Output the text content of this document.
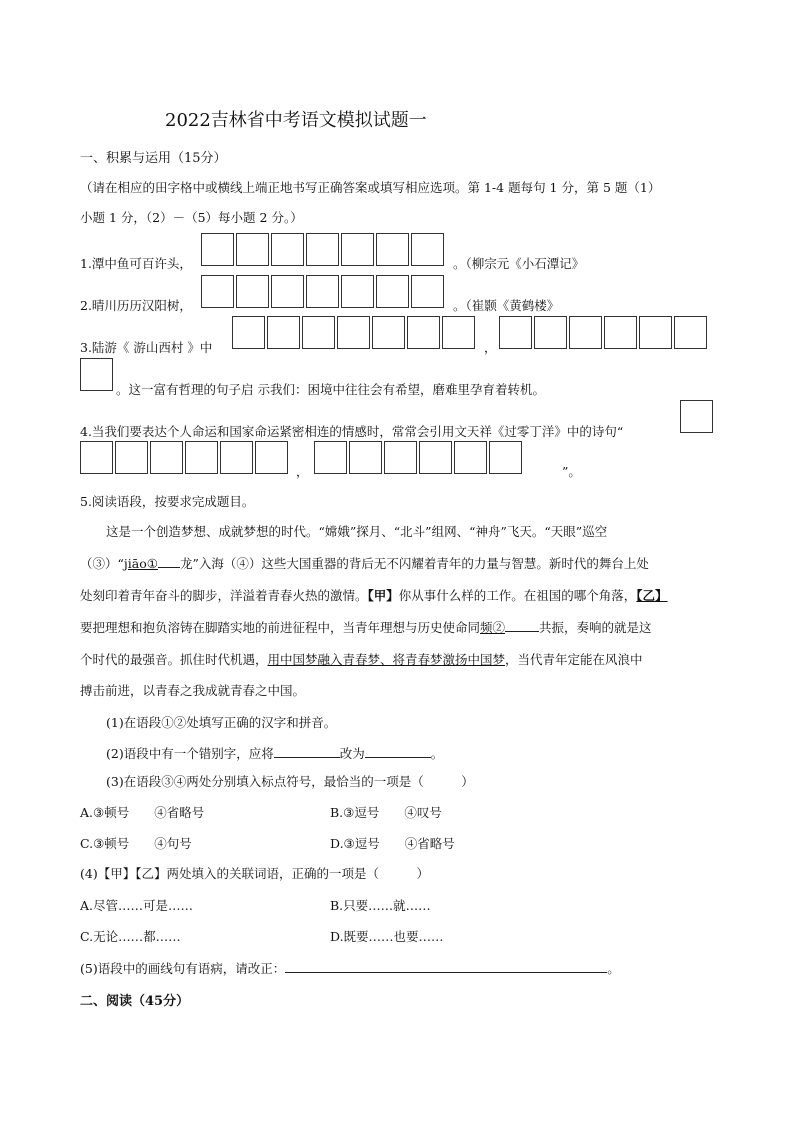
2022吉林省中考语文模拟试题一
一、积累与运用（15分）
（请在相应的田字格中或横线上端正地书写正确答案或填写相应选项。第 1-4 题每句 1 分，第 5 题（1）
小题 1 分，（2）－（5）每小题 2 分。）
1.潭中鱼可百许头，	。（柳宗元《小石潭记》
2.晴川历历汉阳树，	。（崔颢《黄鹤楼》
3.陆游《 游山西村 》中	，
。这一富有哲理的句子启 示我们：困境中往往会有希望，磨难里孕育着转机。
4.当我们要表达个人命运和国家命运紧密相连的情感时，常常会引用文天祥《过零丁洋》中的诗句“
，	”。
5.阅读语段，按要求完成题目。
这是一个创造梦想、成就梦想的时代。“嫦娥”探月、“北斗”组网、“神舟”飞天。“天眼”巡空
（③）“jiāo① 龙”入海（④）这些大国重器的背后无不闪耀着青年的力量与智慧。新时代的舞台上处
处刻印着青年奋斗的脚步，洋溢着青春火热的激情。【甲】你从事什么样的工作。在祖国的哪个角落，【乙】
要把理想和抱负溶铸在脚踏实地的前进征程中，当青年理想与历史使命同频②	共振，奏响的就是这
个时代的最强音。抓住时代机遇，用中国梦融入青春梦、将青春梦激扬中国梦，当代青年定能在风浪中
搏击前进，以青春之我成就青春之中国。
(1)在语段①②处填写正确的汉字和拼音。
(2)语段中有一个错别字，应将	改为	。
(3)在语段③④两处分别填入标点符号，最恰当的一项是（　　　）
A.③顿号　　④省略号	B.③逗号　　④叹号
C.③顿号　　④句号	D.③逗号　　④省略号
(4)【甲】【乙】两处填入的关联词语，正确的一项是（　　　）
A.尽管……可是……	B.只要……就……
C.无论……都……	D.既要……也要……
(5)语段中的画线句有语病，请改正：	。
二、阅读（45分）
